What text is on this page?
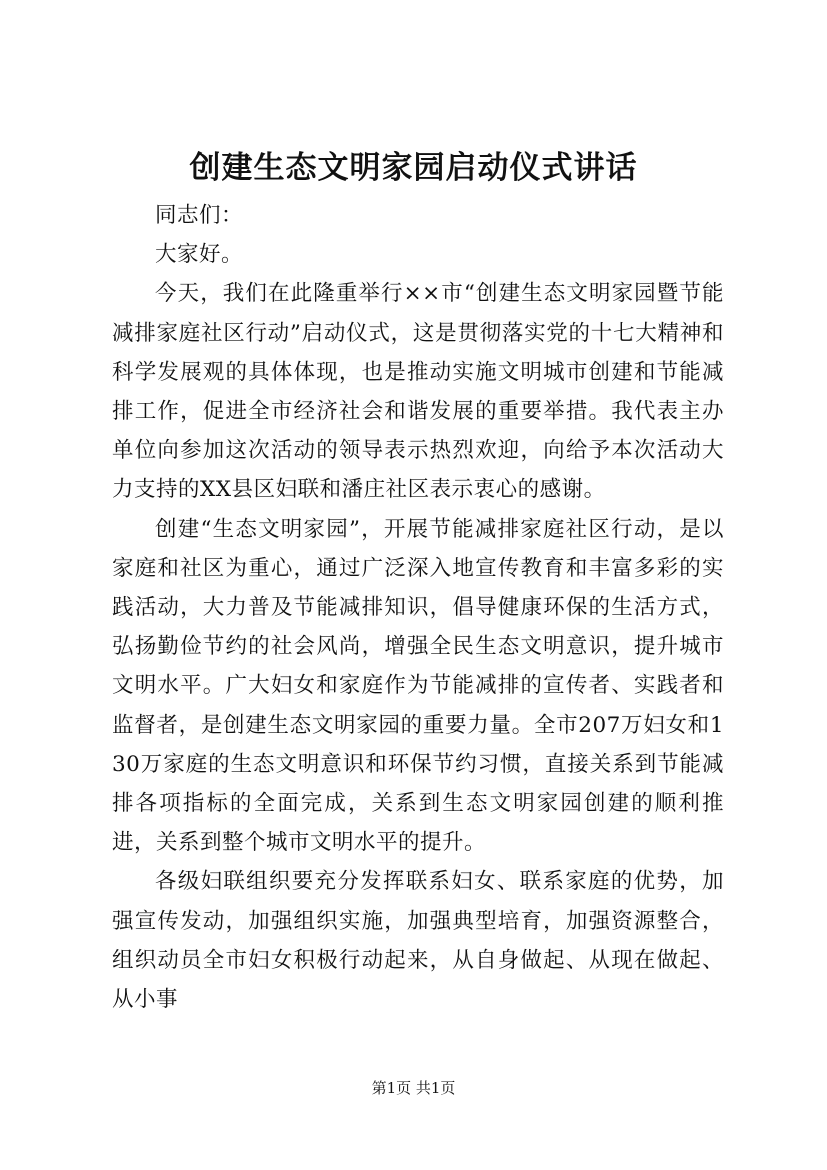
创建生态文明家园启动仪式讲话

同志们：

大家好。

今天，我们在此隆重举行××市“创建生态文明家园暨节能减排家庭社区行动”启动仪式，这是贯彻落实党的十七大精神和科学发展观的具体体现，也是推动实施文明城市创建和节能减排工作，促进全市经济社会和谐发展的重要举措。我代表主办单位向参加这次活动的领导表示热烈欢迎，向给予本次活动大力支持的XX县区妇联和潘庄社区表示衷心的感谢。

创建“生态文明家园”，开展节能减排家庭社区行动，是以家庭和社区为重心，通过广泛深入地宣传教育和丰富多彩的实践活动，大力普及节能减排知识，倡导健康环保的生活方式，弘扬勤俭节约的社会风尚，增强全民生态文明意识，提升城市文明水平。广大妇女和家庭作为节能减排的宣传者、实践者和监督者，是创建生态文明家园的重要力量。全市207万妇女和130万家庭的生态文明意识和环保节约习惯，直接关系到节能减排各项指标的全面完成，关系到生态文明家园创建的顺利推进，关系到整个城市文明水平的提升。

各级妇联组织要充分发挥联系妇女、联系家庭的优势，加强宣传发动，加强组织实施，加强典型培育，加强资源整合，组织动员全市妇女积极行动起来，从自身做起、从现在做起、从小事

第1页 共1页
